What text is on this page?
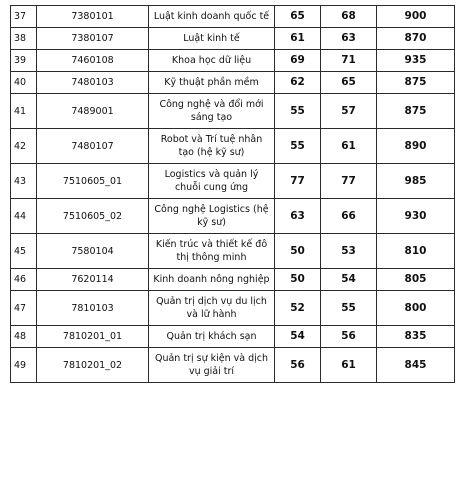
37	7380101	Luật kinh doanh quốc tế	65	68	900
38	7380107	Luật kinh tế	61	63	870
39	7460108	Khoa học dữ liệu	69	71	935
40	7480103	Kỹ thuật phần mềm	62	65	875
41	7489001	Công nghệ và đổi mới sáng tạo	55	57	875
42	7480107	Robot và Trí tuệ nhân tạo (hệ kỹ sư)	55	61	890
43	7510605_01	Logistics và quản lý chuỗi cung ứng	77	77	985
44	7510605_02	Công nghệ Logistics (hệ kỹ sư)	63	66	930
45	7580104	Kiến trúc và thiết kế đô thị thông minh	50	53	810
46	7620114	Kinh doanh nông nghiệp	50	54	805
47	7810103	Quản trị dịch vụ du lịch và lữ hành	52	55	800
48	7810201_01	Quản trị khách sạn	54	56	835
49	7810201_02	Quản trị sự kiện và dịch vụ giải trí	56	61	845
